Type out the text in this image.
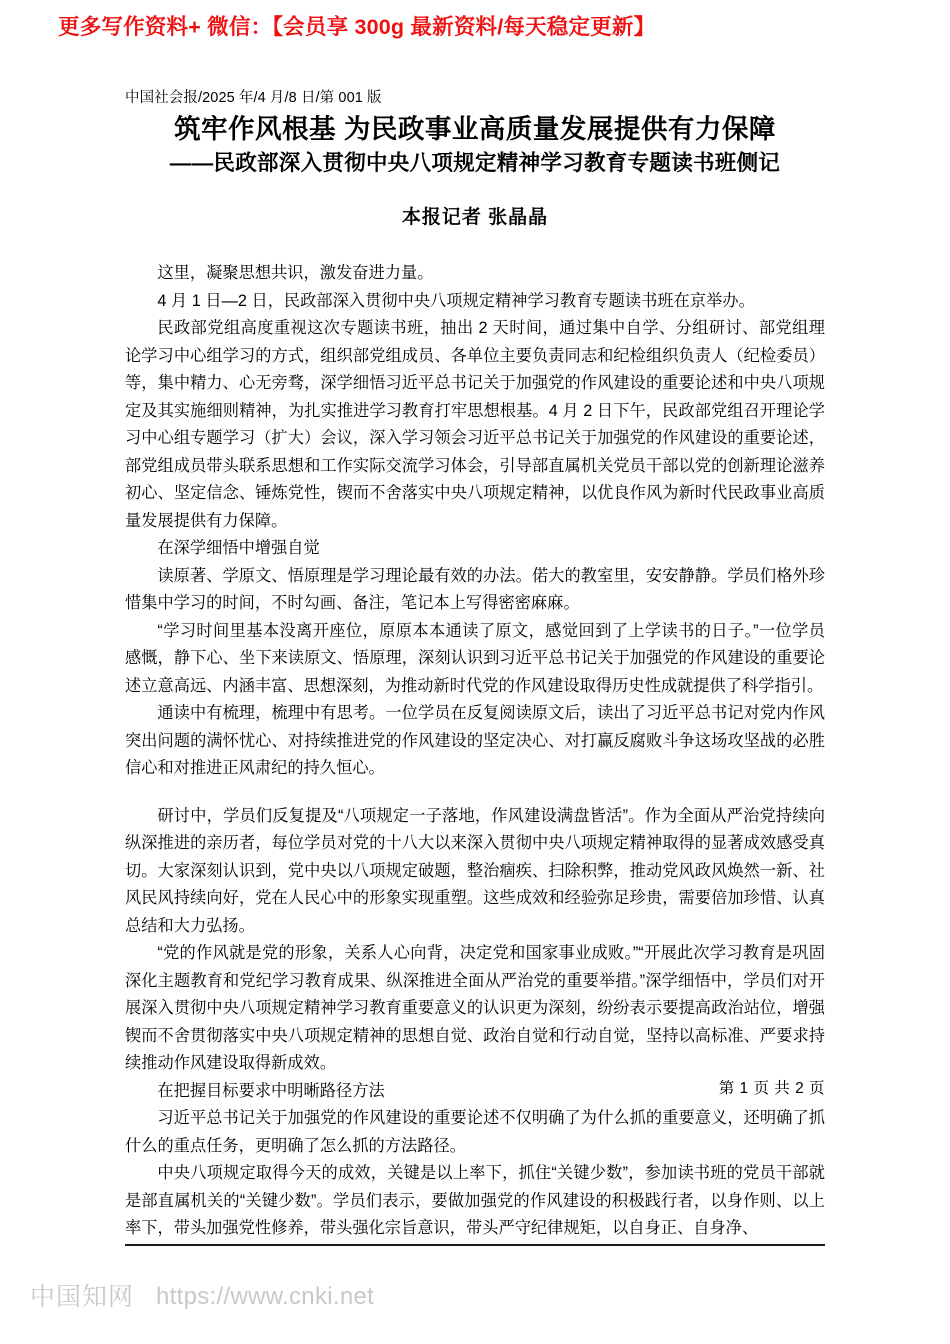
更多写作资料+ 微信：【会员享 300g 最新资料/每天稳定更新】
中国社会报/2025 年/4 月/8 日/第 001 版
筑牢作风根基 为民政事业高质量发展提供有力保障
——民政部深入贯彻中央八项规定精神学习教育专题读书班侧记
本报记者 张晶晶

这里，凝聚思想共识，激发奋进力量。

4 月 1 日—2 日，民政部深入贯彻中央八项规定精神学习教育专题读书班在京举办。

民政部党组高度重视这次专题读书班，抽出 2 天时间，通过集中自学、分组研讨、部党组理论学习中心组学习的方式，组织部党组成员、各单位主要负责同志和纪检组织负责人（纪检委员）等，集中精力、心无旁骛，深学细悟习近平总书记关于加强党的作风建设的重要论述和中央八项规定及其实施细则精神，为扎实推进学习教育打牢思想根基。4 月 2 日下午，民政部党组召开理论学习中心组专题学习（扩大）会议，深入学习领会习近平总书记关于加强党的作风建设的重要论述，部党组成员带头联系思想和工作实际交流学习体会，引导部直属机关党员干部以党的创新理论滋养初心、坚定信念、锤炼党性，锲而不舍落实中央八项规定精神，以优良作风为新时代民政事业高质量发展提供有力保障。

在深学细悟中增强自觉

读原著、学原文、悟原理是学习理论最有效的办法。偌大的教室里，安安静静。学员们格外珍惜集中学习的时间，不时勾画、备注，笔记本上写得密密麻麻。

“学习时间里基本没离开座位，原原本本通读了原文，感觉回到了上学读书的日子。”一位学员感慨，静下心、坐下来读原文、悟原理，深刻认识到习近平总书记关于加强党的作风建设的重要论述立意高远、内涵丰富、思想深刻，为推动新时代党的作风建设取得历史性成就提供了科学指引。

通读中有梳理，梳理中有思考。一位学员在反复阅读原文后，读出了习近平总书记对党内作风突出问题的满怀忧心、对持续推进党的作风建设的坚定决心、对打赢反腐败斗争这场攻坚战的必胜信心和对推进正风肃纪的持久恒心。

研讨中，学员们反复提及“八项规定一子落地，作风建设满盘皆活”。作为全面从严治党持续向纵深推进的亲历者，每位学员对党的十八大以来深入贯彻中央八项规定精神取得的显著成效感受真切。大家深刻认识到，党中央以八项规定破题，整治痼疾、扫除积弊，推动党风政风焕然一新、社风民风持续向好，党在人民心中的形象实现重塑。这些成效和经验弥足珍贵，需要倍加珍惜、认真总结和大力弘扬。

“党的作风就是党的形象，关系人心向背，决定党和国家事业成败。”“开展此次学习教育是巩固深化主题教育和党纪学习教育成果、纵深推进全面从严治党的重要举措。”深学细悟中，学员们对开展深入贯彻中央八项规定精神学习教育重要意义的认识更为深刻，纷纷表示要提高政治站位，增强锲而不舍贯彻落实中央八项规定精神的思想自觉、政治自觉和行动自觉，坚持以高标准、严要求持续推动作风建设取得新成效。

在把握目标要求中明晰路径方法

习近平总书记关于加强党的作风建设的重要论述不仅明确了为什么抓的重要意义，还明确了抓什么的重点任务，更明确了怎么抓的方法路径。

中央八项规定取得今天的成效，关键是以上率下，抓住“关键少数”，参加读书班的党员干部就是部直属机关的“关键少数”。学员们表示，要做加强党的作风建设的积极践行者，以身作则、以上率下，带头加强党性修养，带头强化宗旨意识，带头严守纪律规矩，以自身正、自身净、

第 1 页 共 2 页
中国知网 https://www.cnki.net
